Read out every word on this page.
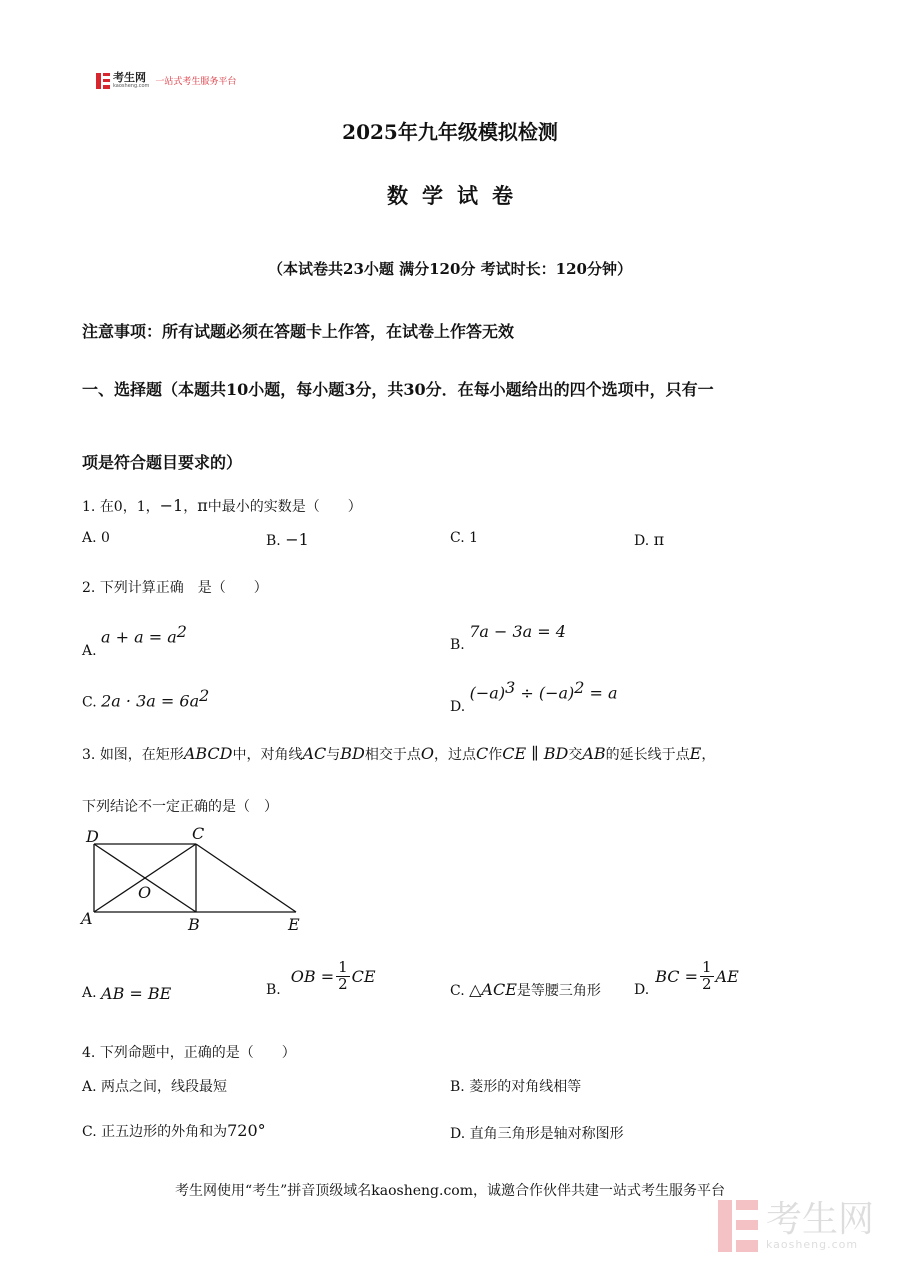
考生网
kaosheng.com 一站式考生服务平台
2025年九年级模拟检测
数学试卷
（本试卷共23小题 满分120分 考试时长：120分钟）
注意事项：所有试题必须在答题卡上作答，在试卷上作答无效
一、选择题（本题共10小题，每小题3分，共30分．在每小题给出的四个选项中，只有一
项是符合题目要求的）
1. 在0，1，−1，π中最小的实数是（　　）
A. 0	B. −1	C. 1	D. π
2. 下列计算正确　是（　　）
A. $a + a = a^2$
B. 7a − 3a = 4
C. $2a \cdot 3a = 6a^2$
D. $(-a)^3 \div (-a)^2 = a$
3. 如图，在矩形ABCD中，对角线AC与BD相交于点O，过点C作CE ∥ BD交AB的延长线于点E，
下列结论不一定正确的是（　）
D	C
O
A	B	E
A. AB = BE	B.
OB = $\frac{1}{2}$ CE
C. △ACE是等腰三角形 D.
BC = $\frac{1}{2}$ AE
4. 下列命题中，正确的是（　　）
A. 两点之间，线段最短	B. 菱形的对角线相等
C. 正五边形的外角和为720°	D. 直角三角形是轴对称图形
考生网使用“考生”拼音顶级域名kaosheng.com，诚邀合作伙伴共建一站式考生服务平台
考生网
kaosheng.com
